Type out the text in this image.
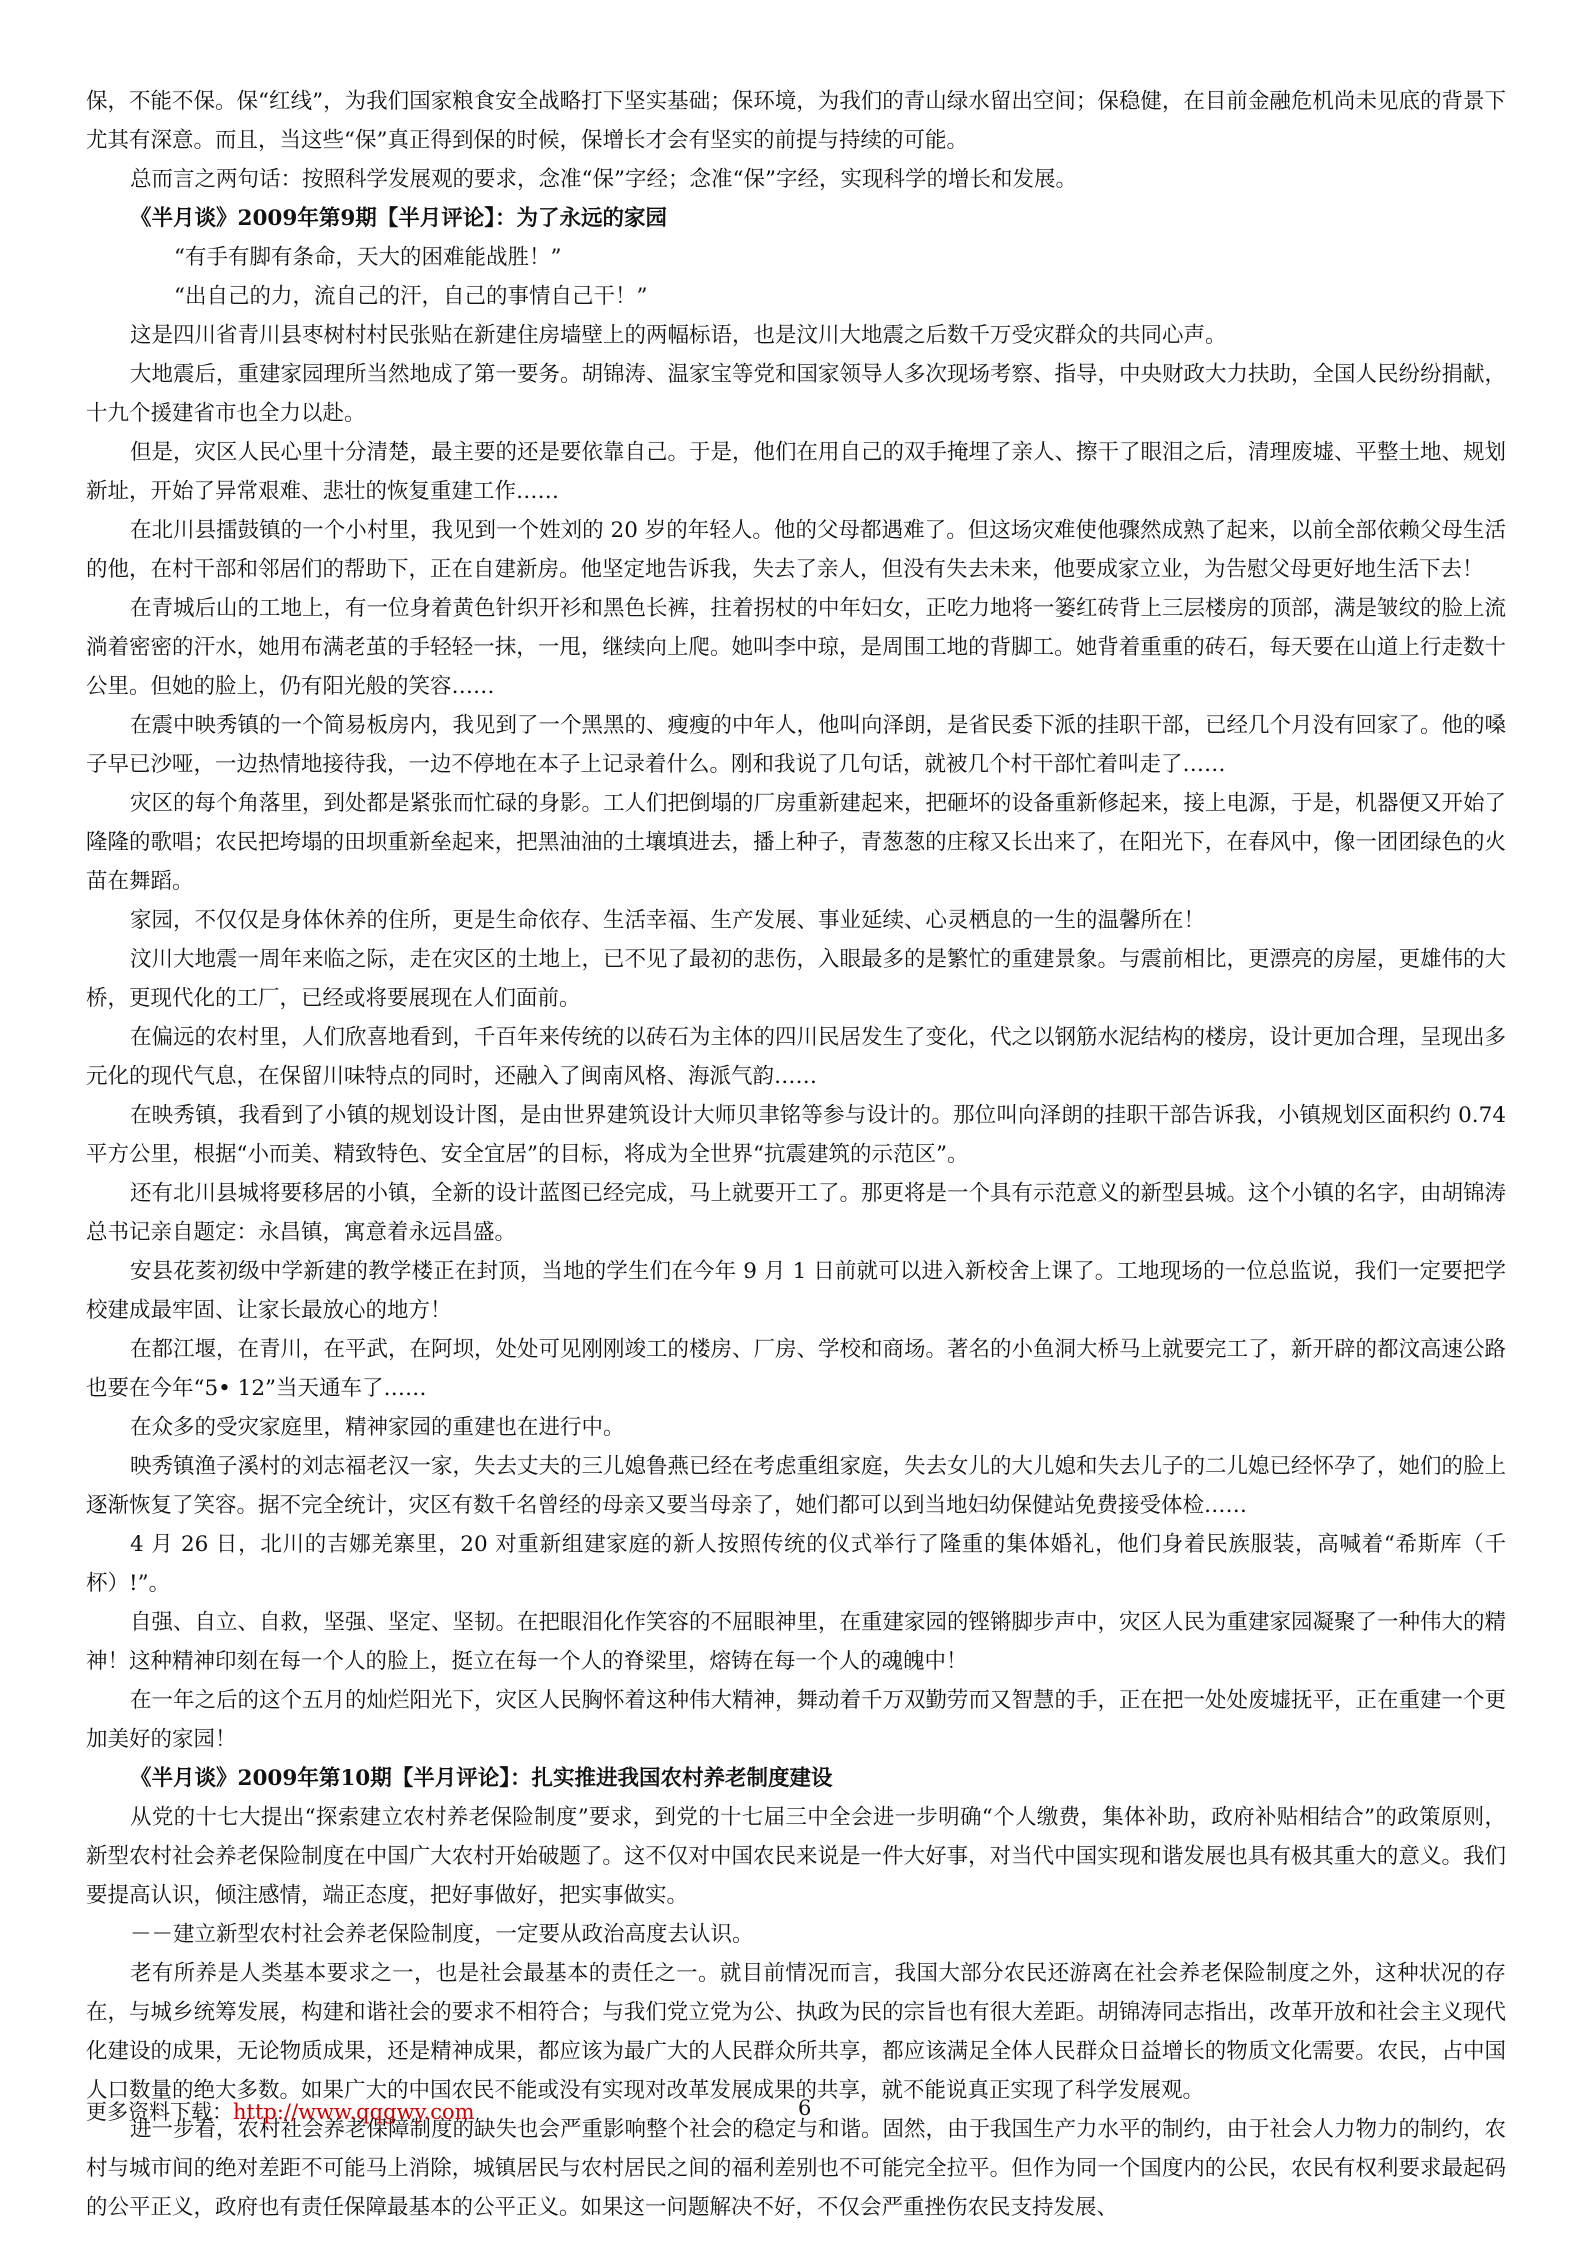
保，不能不保。保“红线”，为我们国家粮食安全战略打下坚实基础；保环境，为我们的青山绿水留出空间；保稳健，在目前金融危机尚未见底的背景下尤其有深意。而且，当这些“保”真正得到保的时候，保增长才会有坚实的前提与持续的可能。

总而言之两句话：按照科学发展观的要求，念准“保”字经；念准“保”字经，实现科学的增长和发展。

《半月谈》2009年第9期【半月评论】：为了永远的家园

“有手有脚有条命，天大的困难能战胜！”

“出自己的力，流自己的汗，自己的事情自己干！”

这是四川省青川县枣树村村民张贴在新建住房墙壁上的两幅标语，也是汶川大地震之后数千万受灾群众的共同心声。

大地震后，重建家园理所当然地成了第一要务。胡锦涛、温家宝等党和国家领导人多次现场考察、指导，中央财政大力扶助，全国人民纷纷捐献，十九个援建省市也全力以赴。

但是，灾区人民心里十分清楚，最主要的还是要依靠自己。于是，他们在用自己的双手掩埋了亲人、擦干了眼泪之后，清理废墟、平整土地、规划新址，开始了异常艰难、悲壮的恢复重建工作……

在北川县擂鼓镇的一个小村里，我见到一个姓刘的 20 岁的年轻人。他的父母都遇难了。但这场灾难使他骤然成熟了起来，以前全部依赖父母生活的他，在村干部和邻居们的帮助下，正在自建新房。他坚定地告诉我，失去了亲人，但没有失去未来，他要成家立业，为告慰父母更好地生活下去！

在青城后山的工地上，有一位身着黄色针织开衫和黑色长裤，拄着拐杖的中年妇女，正吃力地将一篓红砖背上三层楼房的顶部，满是皱纹的脸上流淌着密密的汗水，她用布满老茧的手轻轻一抹，一甩，继续向上爬。她叫李中琼，是周围工地的背脚工。她背着重重的砖石，每天要在山道上行走数十公里。但她的脸上，仍有阳光般的笑容……

在震中映秀镇的一个简易板房内，我见到了一个黑黑的、瘦瘦的中年人，他叫向泽朗，是省民委下派的挂职干部，已经几个月没有回家了。他的嗓子早已沙哑，一边热情地接待我，一边不停地在本子上记录着什么。刚和我说了几句话，就被几个村干部忙着叫走了……

灾区的每个角落里，到处都是紧张而忙碌的身影。工人们把倒塌的厂房重新建起来，把砸坏的设备重新修起来，接上电源，于是，机器便又开始了隆隆的歌唱；农民把垮塌的田坝重新垒起来，把黑油油的土壤填进去，播上种子，青葱葱的庄稼又长出来了，在阳光下，在春风中，像一团团绿色的火苗在舞蹈。

家园，不仅仅是身体休养的住所，更是生命依存、生活幸福、生产发展、事业延续、心灵栖息的一生的温馨所在！

汶川大地震一周年来临之际，走在灾区的土地上，已不见了最初的悲伤，入眼最多的是繁忙的重建景象。与震前相比，更漂亮的房屋，更雄伟的大桥，更现代化的工厂，已经或将要展现在人们面前。

在偏远的农村里，人们欣喜地看到，千百年来传统的以砖石为主体的四川民居发生了变化，代之以钢筋水泥结构的楼房，设计更加合理，呈现出多元化的现代气息，在保留川味特点的同时，还融入了闽南风格、海派气韵……

在映秀镇，我看到了小镇的规划设计图，是由世界建筑设计大师贝聿铭等参与设计的。那位叫向泽朗的挂职干部告诉我，小镇规划区面积约 0.74 平方公里，根据“小而美、精致特色、安全宜居”的目标，将成为全世界“抗震建筑的示范区”。

还有北川县城将要移居的小镇，全新的设计蓝图已经完成，马上就要开工了。那更将是一个具有示范意义的新型县城。这个小镇的名字，由胡锦涛总书记亲自题定：永昌镇，寓意着永远昌盛。

安县花荄初级中学新建的教学楼正在封顶，当地的学生们在今年 9 月 1 日前就可以进入新校舍上课了。工地现场的一位总监说，我们一定要把学校建成最牢固、让家长最放心的地方！

在都江堰，在青川，在平武，在阿坝，处处可见刚刚竣工的楼房、厂房、学校和商场。著名的小鱼洞大桥马上就要完工了，新开辟的都汶高速公路也要在今年“5• 12”当天通车了……

在众多的受灾家庭里，精神家园的重建也在进行中。

映秀镇渔子溪村的刘志福老汉一家，失去丈夫的三儿媳鲁燕已经在考虑重组家庭，失去女儿的大儿媳和失去儿子的二儿媳已经怀孕了，她们的脸上逐渐恢复了笑容。据不完全统计，灾区有数千名曾经的母亲又要当母亲了，她们都可以到当地妇幼保健站免费接受体检……

4 月 26 日，北川的吉娜羌寨里，20 对重新组建家庭的新人按照传统的仪式举行了隆重的集体婚礼，他们身着民族服装，高喊着“希斯库（千杯）!”。

自强、自立、自救，坚强、坚定、坚韧。在把眼泪化作笑容的不屈眼神里，在重建家园的铿锵脚步声中，灾区人民为重建家园凝聚了一种伟大的精神！这种精神印刻在每一个人的脸上，挺立在每一个人的脊梁里，熔铸在每一个人的魂魄中！

在一年之后的这个五月的灿烂阳光下，灾区人民胸怀着这种伟大精神，舞动着千万双勤劳而又智慧的手，正在把一处处废墟抚平，正在重建一个更加美好的家园！

《半月谈》2009年第10期【半月评论】：扎实推进我国农村养老制度建设

从党的十七大提出“探索建立农村养老保险制度”要求，到党的十七届三中全会进一步明确“个人缴费，集体补助，政府补贴相结合”的政策原则，新型农村社会养老保险制度在中国广大农村开始破题了。这不仅对中国农民来说是一件大好事，对当代中国实现和谐发展也具有极其重大的意义。我们要提高认识，倾注感情，端正态度，把好事做好，把实事做实。

－－建立新型农村社会养老保险制度，一定要从政治高度去认识。

老有所养是人类基本要求之一，也是社会最基本的责任之一。就目前情况而言，我国大部分农民还游离在社会养老保险制度之外，这种状况的存在，与城乡统筹发展，构建和谐社会的要求不相符合；与我们党立党为公、执政为民的宗旨也有很大差距。胡锦涛同志指出，改革开放和社会主义现代化建设的成果，无论物质成果，还是精神成果，都应该为最广大的人民群众所共享，都应该满足全体人民群众日益增长的物质文化需要。农民，占中国人口数量的绝大多数。如果广大的中国农民不能或没有实现对改革发展成果的共享，就不能说真正实现了科学发展观。

进一步看，农村社会养老保障制度的缺失也会严重影响整个社会的稳定与和谐。固然，由于我国生产力水平的制约，由于社会人力物力的制约，农村与城市间的绝对差距不可能马上消除，城镇居民与农村居民之间的福利差别也不可能完全拉平。但作为同一个国度内的公民，农民有权利要求最起码的公平正义，政府也有责任保障最基本的公平正义。如果这一问题解决不好，不仅会严重挫伤农民支持发展、

更多资料下载：http://www.qqgwy.com	6
